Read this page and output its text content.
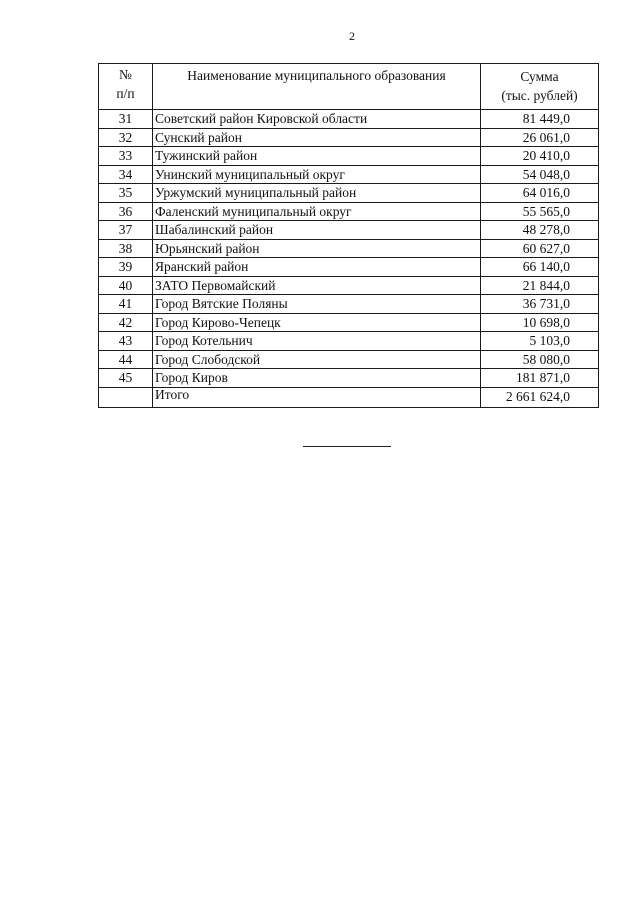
2
№
п/п	Наименование муниципального образования	Сумма
(тыс. рублей)
31	Советский район Кировской области	81 449,0
32	Сунский район	26 061,0
33	Тужинский район	20 410,0
34	Унинский муниципальный округ	54 048,0
35	Уржумский муниципальный район	64 016,0
36	Фаленский муниципальный округ	55 565,0
37	Шабалинский район	48 278,0
38	Юрьянский район	60 627,0
39	Яранский район	66 140,0
40	ЗАТО Первомайский	21 844,0
41	Город Вятские Поляны	36 731,0
42	Город Кирово-Чепецк	10 698,0
43	Город Котельнич	5 103,0
44	Город Слободской	58 080,0
45	Город Киров	181 871,0
	Итого	2 661 624,0
